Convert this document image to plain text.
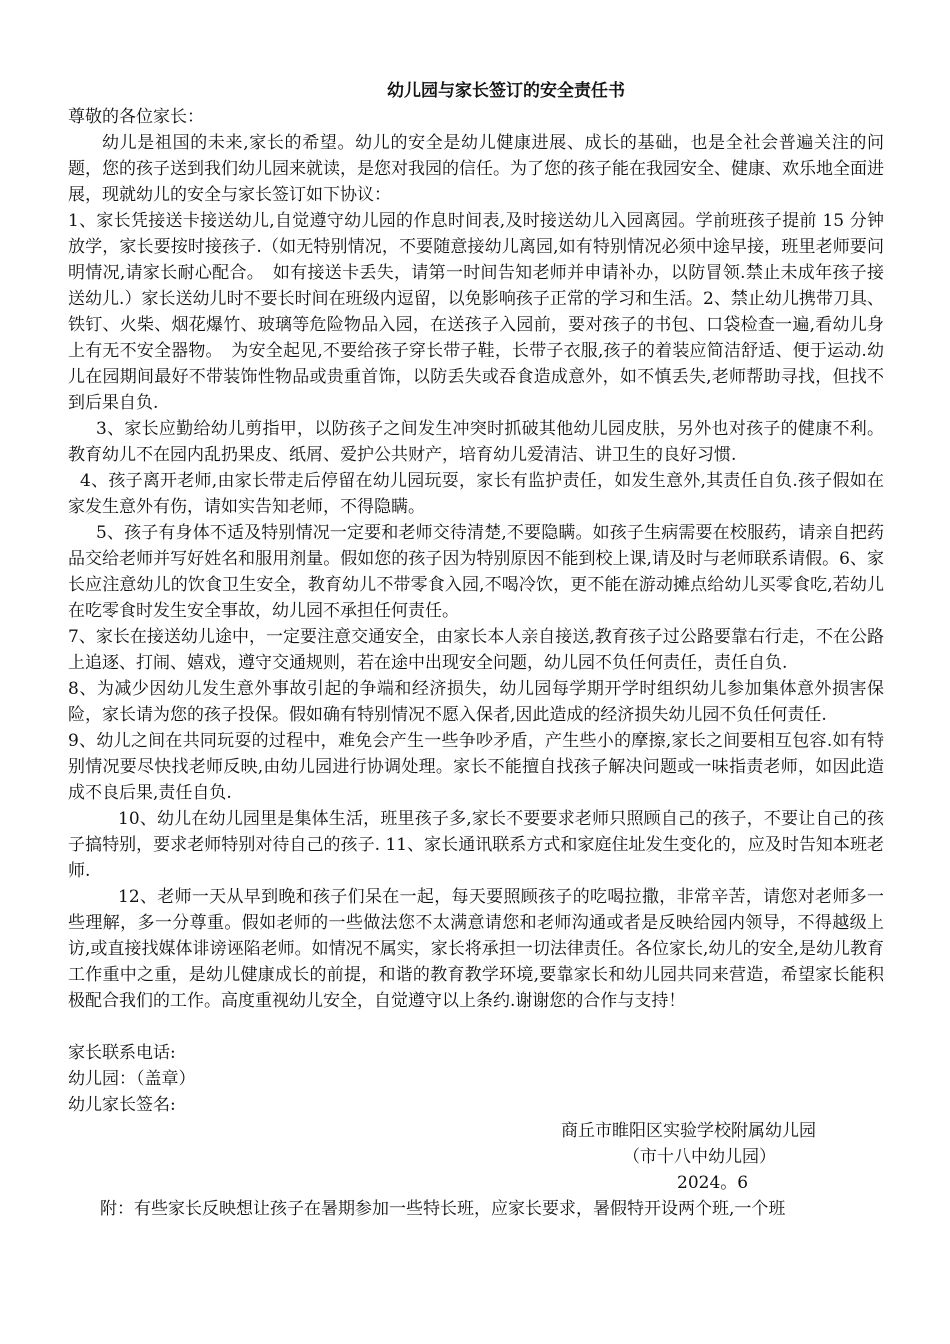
幼儿园与家长签订的安全责任书

尊敬的各位家长：

幼儿是祖国的未来,家长的希望。幼儿的安全是幼儿健康进展、成长的基础，也是全社会普遍关注的问题，您的孩子送到我们幼儿园来就读，是您对我园的信任。为了您的孩子能在我园安全、健康、欢乐地全面进展，现就幼儿的安全与家长签订如下协议：

1、家长凭接送卡接送幼儿,自觉遵守幼儿园的作息时间表,及时接送幼儿入园离园。学前班孩子提前 15 分钟放学，家长要按时接孩子.（如无特别情况，不要随意接幼儿离园,如有特别情况必须中途早接，班里老师要问明情况,请家长耐心配合。　如有接送卡丢失，请第一时间告知老师并申请补办，以防冒领.禁止未成年孩子接送幼儿.）家长送幼儿时不要长时间在班级内逗留，以免影响孩子正常的学习和生活。2、禁止幼儿携带刀具、铁钉、火柴、烟花爆竹、玻璃等危险物品入园，在送孩子入园前，要对孩子的书包、口袋检查一遍,看幼儿身上有无不安全器物。　为安全起见,不要给孩子穿长带子鞋，长带子衣服,孩子的着装应简洁舒适、便于运动.幼儿在园期间最好不带装饰性物品或贵重首饰，以防丢失或吞食造成意外，如不慎丢失,老师帮助寻找，但找不到后果自负.

3、家长应勤给幼儿剪指甲，以防孩子之间发生冲突时抓破其他幼儿园皮肤，另外也对孩子的健康不利。教育幼儿不在园内乱扔果皮、纸屑、爱护公共财产，培育幼儿爱清洁、讲卫生的良好习惯.

4、孩子离开老师,由家长带走后停留在幼儿园玩耍，家长有监护责任，如发生意外,其责任自负.孩子假如在家发生意外有伤，请如实告知老师，不得隐瞒。

5、孩子有身体不适及特别情况一定要和老师交待清楚,不要隐瞒。如孩子生病需要在校服药，请亲自把药品交给老师并写好姓名和服用剂量。假如您的孩子因为特别原因不能到校上课,请及时与老师联系请假。6、家长应注意幼儿的饮食卫生安全，教育幼儿不带零食入园,不喝冷饮，更不能在游动摊点给幼儿买零食吃,若幼儿在吃零食时发生安全事故，幼儿园不承担任何责任。

7、家长在接送幼儿途中，一定要注意交通安全，由家长本人亲自接送,教育孩子过公路要靠右行走，不在公路上追逐、打闹、嬉戏，遵守交通规则，若在途中出现安全问题，幼儿园不负任何责任，责任自负.

8、为减少因幼儿发生意外事故引起的争端和经济损失，幼儿园每学期开学时组织幼儿参加集体意外损害保险，家长请为您的孩子投保。假如确有特别情况不愿入保者,因此造成的经济损失幼儿园不负任何责任.

9、幼儿之间在共同玩耍的过程中，难免会产生一些争吵矛盾，产生些小的摩擦,家长之间要相互包容.如有特别情况要尽快找老师反映,由幼儿园进行协调处理。家长不能擅自找孩子解决问题或一味指责老师，如因此造成不良后果,责任自负.

10、幼儿在幼儿园里是集体生活，班里孩子多,家长不要要求老师只照顾自己的孩子，不要让自己的孩子搞特别，要求老师特别对待自己的孩子. 11、家长通讯联系方式和家庭住址发生变化的，应及时告知本班老师.

12、老师一天从早到晚和孩子们呆在一起，每天要照顾孩子的吃喝拉撒，非常辛苦，请您对老师多一些理解，多一分尊重。假如老师的一些做法您不太满意请您和老师沟通或者是反映给园内领导，不得越级上访,或直接找媒体诽谤诬陷老师。如情况不属实，家长将承担一切法律责任。各位家长,幼儿的安全,是幼儿教育工作重中之重，是幼儿健康成长的前提，和谐的教育教学环境,要靠家长和幼儿园共同来营造，希望家长能积极配合我们的工作。高度重视幼儿安全，自觉遵守以上条约.谢谢您的合作与支持！

家长联系电话:

幼儿园：（盖章）

幼儿家长签名:

商丘市睢阳区实验学校附属幼儿园
（市十八中幼儿园）
2024。6

附：有些家长反映想让孩子在暑期参加一些特长班，应家长要求，暑假特开设两个班,一个班
